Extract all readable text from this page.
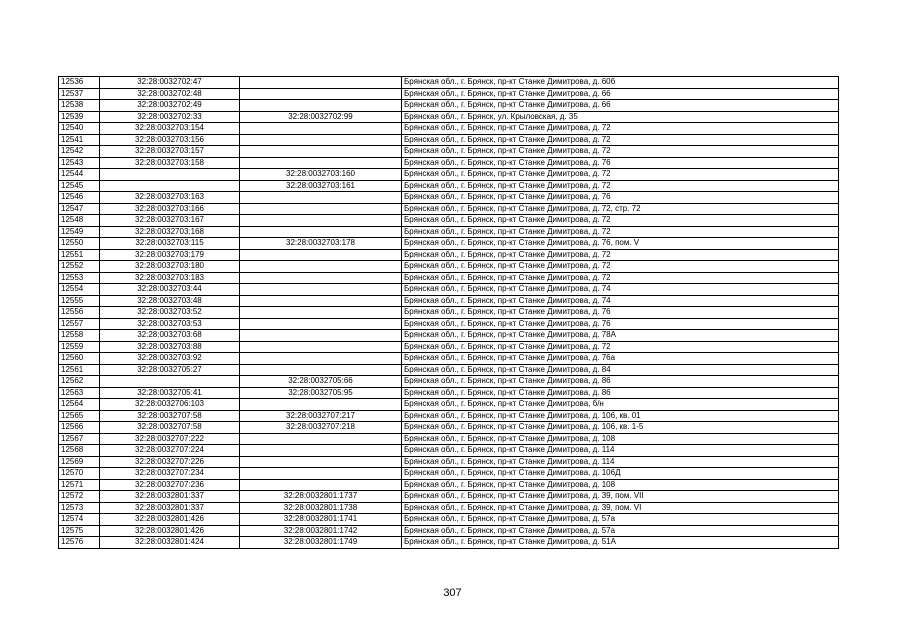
12536	32:28:0032702:47		Брянская обл., г. Брянск, пр-кт Станке Димитрова, д. 60б
12537	32:28:0032702:48		Брянская обл., г. Брянск, пр-кт Станке Димитрова, д. 66
12538	32:28:0032702:49		Брянская обл., г. Брянск, пр-кт Станке Димитрова, д. 66
12539	32:28:0032702:33	32:28:0032702:99	Брянская обл., г. Брянск, ул. Крыловская, д. 35
12540	32:28:0032703:154		Брянская обл., г. Брянск, пр-кт Станке Димитрова, д. 72
12541	32:28:0032703:156		Брянская обл., г. Брянск, пр-кт Станке Димитрова, д. 72
12542	32:28:0032703:157		Брянская обл., г. Брянск, пр-кт Станке Димитрова, д. 72
12543	32:28:0032703:158		Брянская обл., г. Брянск, пр-кт Станке Димитрова, д. 76
12544		32:28:0032703:160	Брянская обл., г. Брянск, пр-кт Станке Димитрова, д. 72
12545		32:28:0032703:161	Брянская обл., г. Брянск, пр-кт Станке Димитрова, д. 72
12546	32:28:0032703:163		Брянская обл., г. Брянск, пр-кт Станке Димитрова, д. 76
12547	32:28:0032703:166		Брянская обл., г. Брянск, пр-кт Станке Димитрова, д. 72, стр. 72
12548	32:28:0032703:167		Брянская обл., г. Брянск, пр-кт Станке Димитрова, д. 72
12549	32:28:0032703:168		Брянская обл., г. Брянск, пр-кт Станке Димитрова, д. 72
12550	32:28:0032703:115	32:28:0032703:178	Брянская обл., г. Брянск, пр-кт Станке Димитрова, д. 76, пом. V
12551	32:28:0032703:179		Брянская обл., г. Брянск, пр-кт Станке Димитрова, д. 72
12552	32:28:0032703:180		Брянская обл., г. Брянск, пр-кт Станке Димитрова, д. 72
12553	32:28:0032703:183		Брянская обл., г. Брянск, пр-кт Станке Димитрова, д. 72
12554	32:28:0032703:44		Брянская обл., г. Брянск, пр-кт Станке Димитрова, д. 74
12555	32:28:0032703:48		Брянская обл., г. Брянск, пр-кт Станке Димитрова, д. 74
12556	32:28:0032703:52		Брянская обл., г. Брянск, пр-кт Станке Димитрова, д. 76
12557	32:28:0032703:53		Брянская обл., г. Брянск, пр-кт Станке Димитрова, д. 76
12558	32:28:0032703:68		Брянская обл., г. Брянск, пр-кт Станке Димитрова, д. 78А
12559	32:28:0032703:88		Брянская обл., г. Брянск, пр-кт Станке Димитрова, д. 72
12560	32:28:0032703:92		Брянская обл., г. Брянск, пр-кт Станке Димитрова, д. 76а
12561	32:28:0032705:27		Брянская обл., г. Брянск, пр-кт Станке Димитрова, д. 84
12562		32:28:0032705:66	Брянская обл., г. Брянск, пр-кт Станке Димитрова, д. 86
12563	32:28:0032705:41	32:28:0032705:95	Брянская обл., г. Брянск, пр-кт Станке Димитрова, д. 86
12564	32:28:0032706:103		Брянская обл., г. Брянск, пр-кт Станке Димитрова, б/н
12565	32:28:0032707:58	32:28:0032707:217	Брянская обл., г. Брянск, пр-кт Станке Димитрова, д. 106, кв. 01
12566	32:28:0032707:58	32:28:0032707:218	Брянская обл., г. Брянск, пр-кт Станке Димитрова, д. 106, кв. 1-5
12567	32:28:0032707:222		Брянская обл., г. Брянск, пр-кт Станке Димитрова, д. 108
12568	32:28:0032707:224		Брянская обл., г. Брянск, пр-кт Станке Димитрова, д. 114
12569	32:28:0032707:226		Брянская обл., г. Брянск, пр-кт Станке Димитрова, д. 114
12570	32:28:0032707:234		Брянская обл., г. Брянск, пр-кт Станке Димитрова, д. 106Д
12571	32:28:0032707:236		Брянская обл., г. Брянск, пр-кт Станке Димитрова, д. 108
12572	32:28:0032801:337	32:28:0032801:1737	Брянская обл., г. Брянск, пр-кт Станке Димитрова, д. 39, пом. VII
12573	32:28:0032801:337	32:28:0032801:1738	Брянская обл., г. Брянск, пр-кт Станке Димитрова, д. 39, пом. VI
12574	32:28:0032801:426	32:28:0032801:1741	Брянская обл., г. Брянск, пр-кт Станке Димитрова, д. 57а
12575	32:28:0032801:426	32:28:0032801:1742	Брянская обл., г. Брянск, пр-кт Станке Димитрова, д. 57а
12576	32:28:0032801:424	32:28:0032801:1749	Брянская обл., г. Брянск, пр-кт Станке Димитрова, д. 51А
307
